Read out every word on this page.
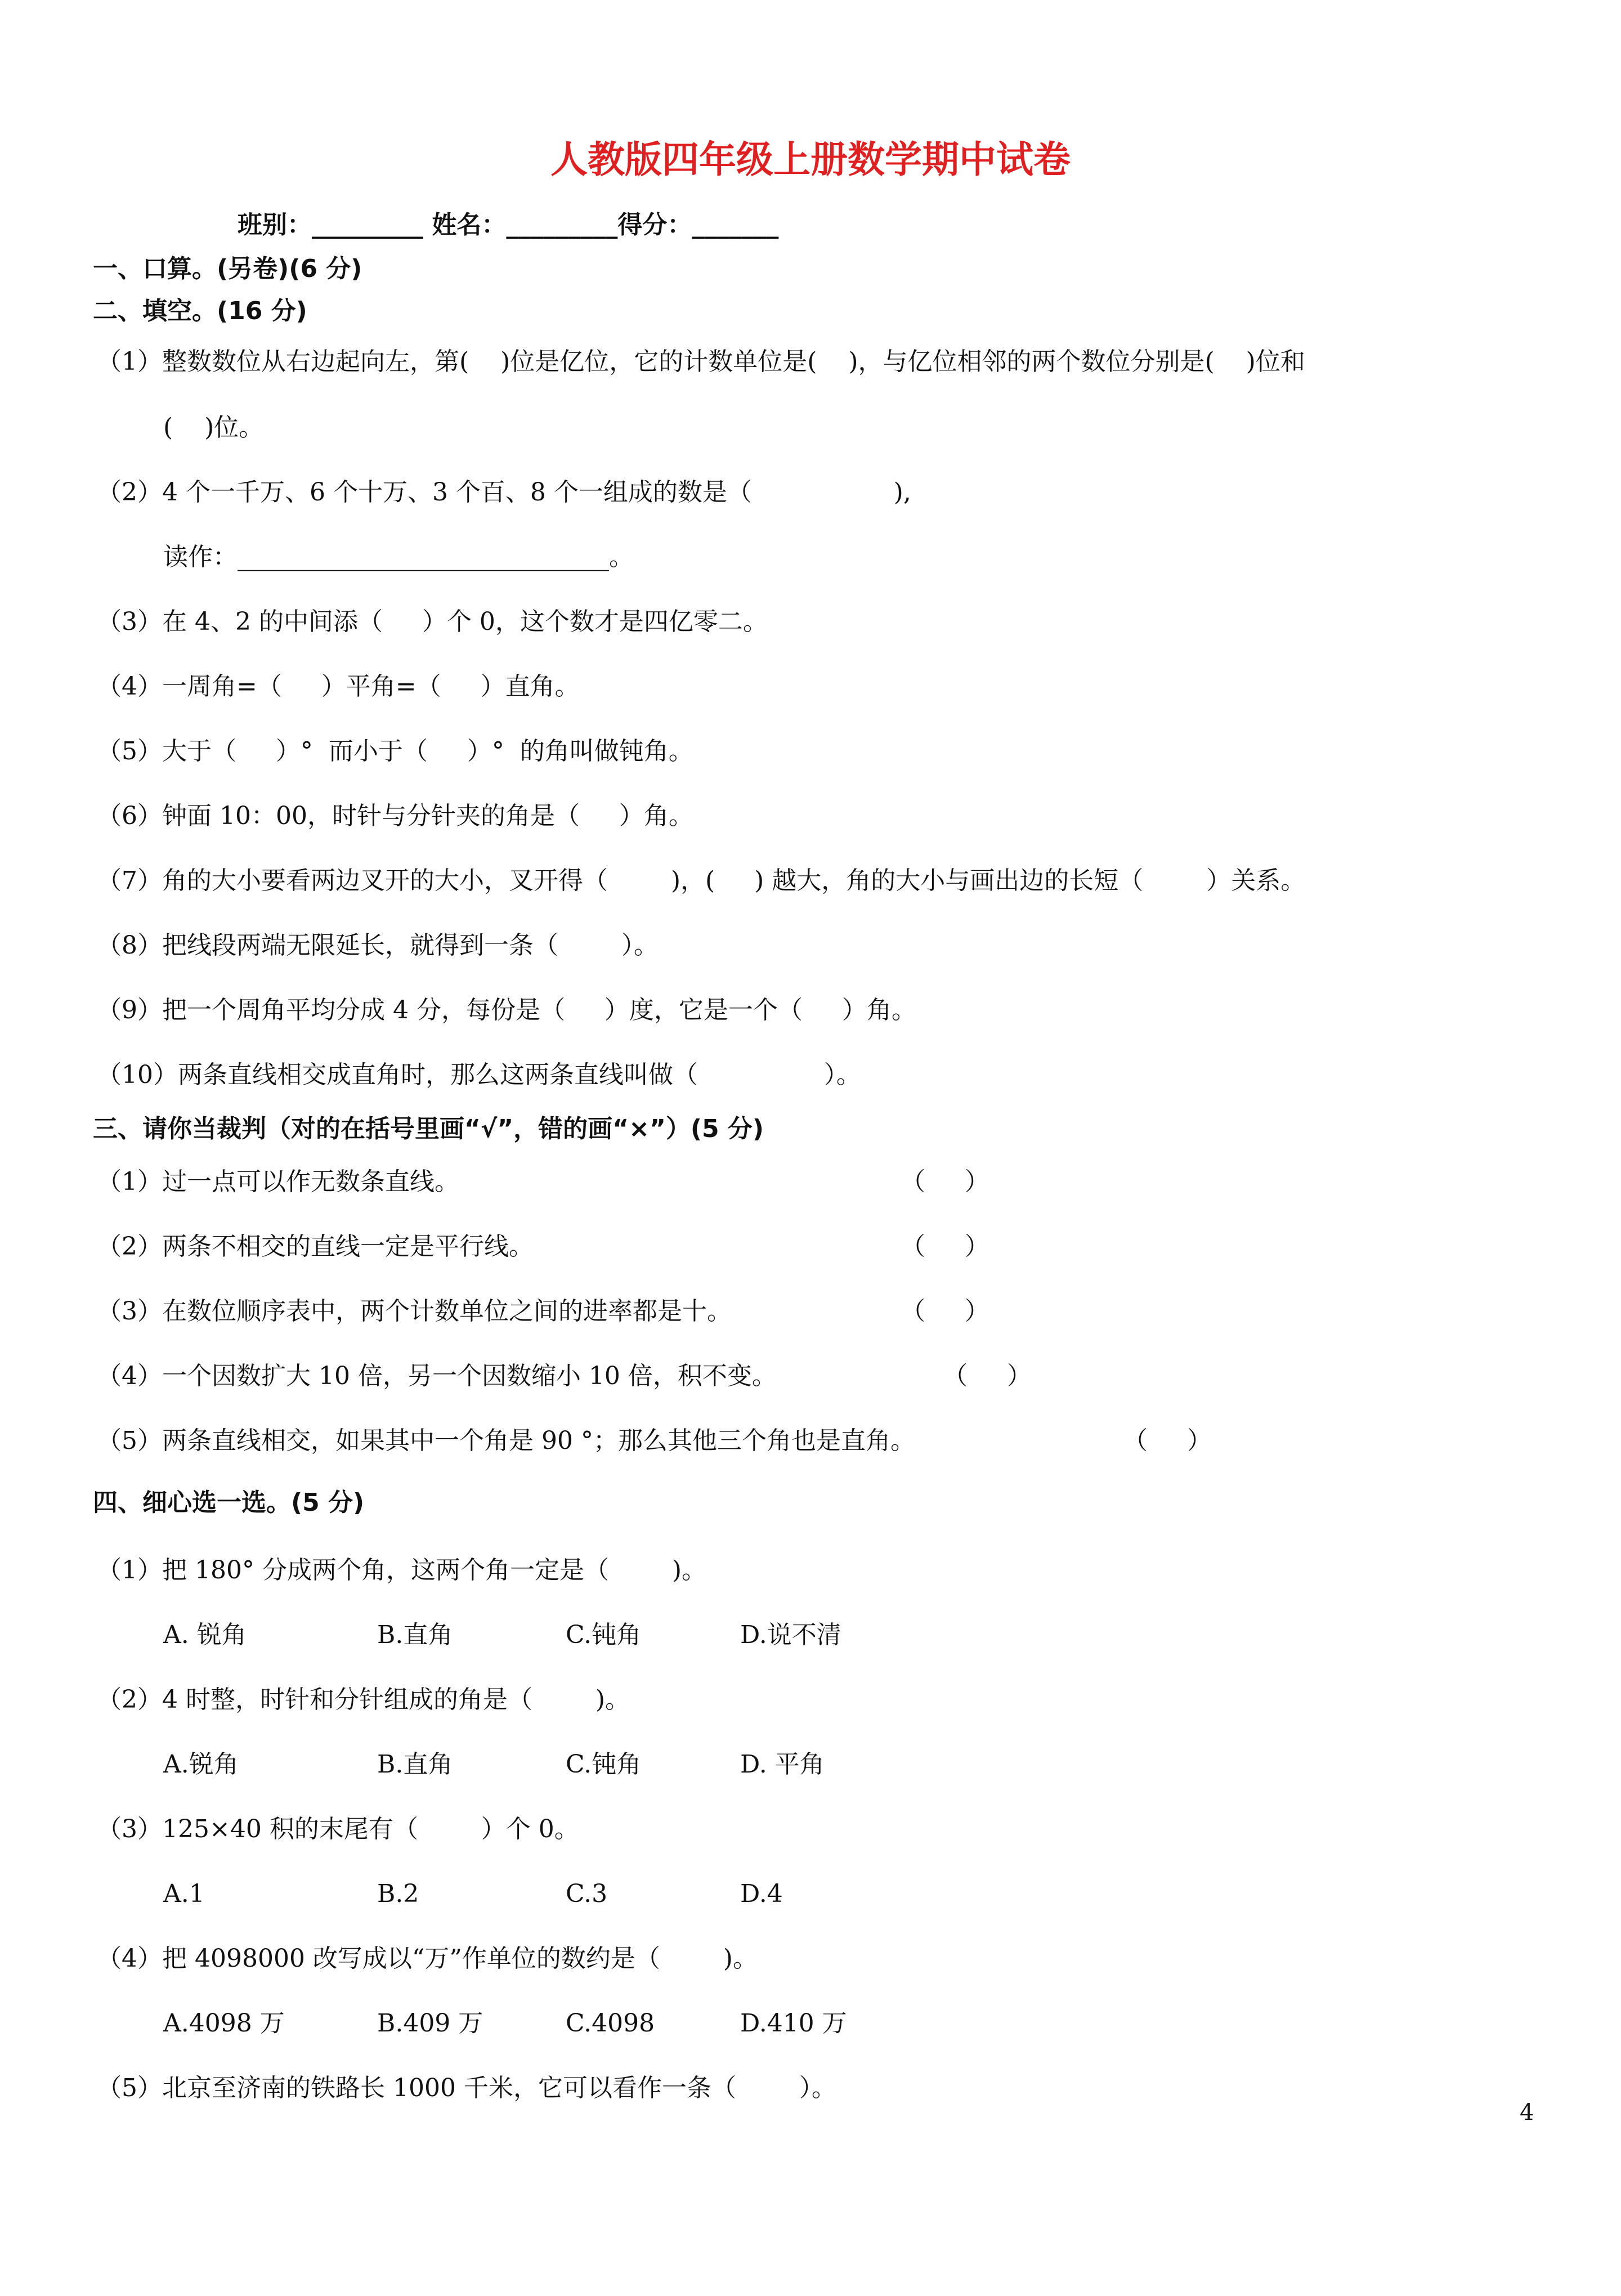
人教版四年级上册数学期中试卷
班别：_________ 姓名：_________得分：_______
一、口算。(另卷)(6 分)
二、填空。(16 分)
（1）整数数位从右边起向左，第(    )位是亿位，它的计数单位是(    )，与亿位相邻的两个数位分别是(    )位和
(    )位。
（2）4 个一千万、6 个十万、3 个百、8 个一组成的数是（                  ),
读作：______________________________。
（3）在 4、2 的中间添（     ）个 0，这个数才是四亿零二。
（4）一周角=（     ）平角=（     ）直角。
（5）大于（     ）°  而小于（     ）°  的角叫做钝角。
（6）钟面 10：00，时针与分针夹的角是（     ）角。
（7）角的大小要看两边叉开的大小，叉开得（        )，(     ) 越大，角的大小与画出边的长短（        ）关系。
（8）把线段两端无限延长，就得到一条（        ）。
（9）把一个周角平均分成 4 分，每份是（     ）度，它是一个（     ）角。
（10）两条直线相交成直角时，那么这两条直线叫做（                ）。
三、请你当裁判（对的在括号里画“√”，错的画“×”）(5 分)
（1）过一点可以作无数条直线。	（     ）
（2）两条不相交的直线一定是平行线。	（     ）
（3）在数位顺序表中，两个计数单位之间的进率都是十。	（     ）
（4）一个因数扩大 10 倍，另一个因数缩小 10 倍，积不变。	（     ）
（5）两条直线相交，如果其中一个角是 90 °；那么其他三个角也是直角。	（     ）
四、细心选一选。(5 分)
（1）把 180° 分成两个角，这两个角一定是（        )。
A. 锐角	B.直角	C.钝角	D.说不清
（2）4 时整，时针和分针组成的角是（        )。
A.锐角	B.直角	C.钝角	D. 平角
（3）125×40 积的末尾有（        ）个 0。
A.1	B.2	C.3	D.4
（4）把 4098000 改写成以“万”作单位的数约是（        )。
A.4098 万	B.409 万	C.4098	D.410 万
（5）北京至济南的铁路长 1000 千米，它可以看作一条（        ）。
4
